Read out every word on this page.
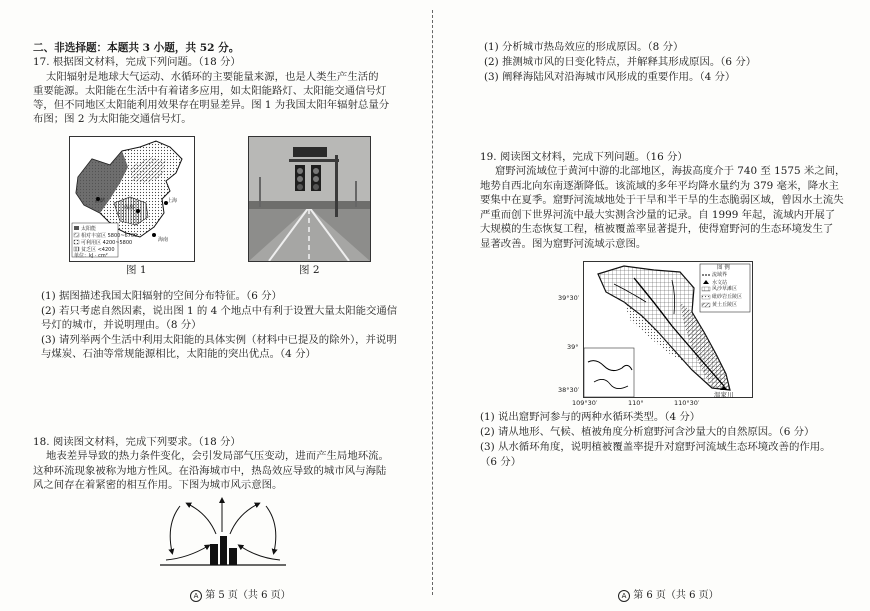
二、非选择题：本题共 3 小题，共 52 分。
17. 根据图文材料，完成下列问题。（18 分）
太阳辐射是地球大气运动、水循环的主要能量来源，也是人类生产生活的
重要能源。太阳能在生活中有着诸多应用，如太阳能路灯、太阳能交通信号灯
等，但不同地区太阳能利用效果存在明显差异。图 1 为我国太阳年辐射总量分
布图；图 2 为太阳能交通信号灯。
拉萨
成都
上海
海南
太阳能
相对丰富区 5800~6700
可利用区 4200~5800
贫乏区 <4200
单位：kJ · cm²
图 1	图 2
(1) 据图描述我国太阳辐射的空间分布特征。（6 分）
(2) 若只考虑自然因素，说出图 1 的 4 个地点中有利于设置大量太阳能交通信
号灯的城市，并说明理由。（8 分）
(3) 请列举两个生活中利用太阳能的具体实例（材料中已提及的除外），并说明
与煤炭、石油等常规能源相比，太阳能的突出优点。（4 分）
18. 阅读图文材料，完成下列要求。（18 分）
地表差异导致的热力条件变化，会引发局部气压变动，进而产生局地环流。
这种环流现象被称为地方性风。在沿海城市中，热岛效应导致的城市风与海陆
风之间存在着紧密的相互作用。下图为城市风示意图。
A 第 5 页（共 6 页）
(1) 分析城市热岛效应的形成原因。（8 分）
(2) 推测城市风的日变化特点，并解释其形成原因。（6 分）
(3) 阐释海陆风对沿海城市风形成的重要作用。（4 分）
19. 阅读图文材料，完成下列问题。（16 分）
窟野河流域位于黄河中游的北部地区，海拔高度介于 740 至 1575 米之间，
地势自西北向东南逐渐降低。该流域的多年平均降水量约为 379 毫米，降水主
要集中在夏季。窟野河流域地处于干旱和半干旱的生态脆弱区域，曾因水土流失
严重而创下世界河流中最大实测含沙量的记录。自 1999 年起，流域内开展了
大规模的生态恢复工程，植被覆盖率显著提升，使得窟野河的生态环境发生了
显著改善。图为窟野河流域示意图。
图 例
流域界
水文站
风沙草滩区
砒砂岩丘陵区
黄土丘陵区
39°30′
39°
38°30′
109°30′	110°	110°30′
温家川
(1) 说出窟野河参与的两种水循环类型。（4 分）
(2) 请从地形、气候、植被角度分析窟野河含沙量大的自然原因。（6 分）
(3) 从水循环角度，说明植被覆盖率提升对窟野河流域生态环境改善的作用。
（6 分）
A 第 6 页（共 6 页）
